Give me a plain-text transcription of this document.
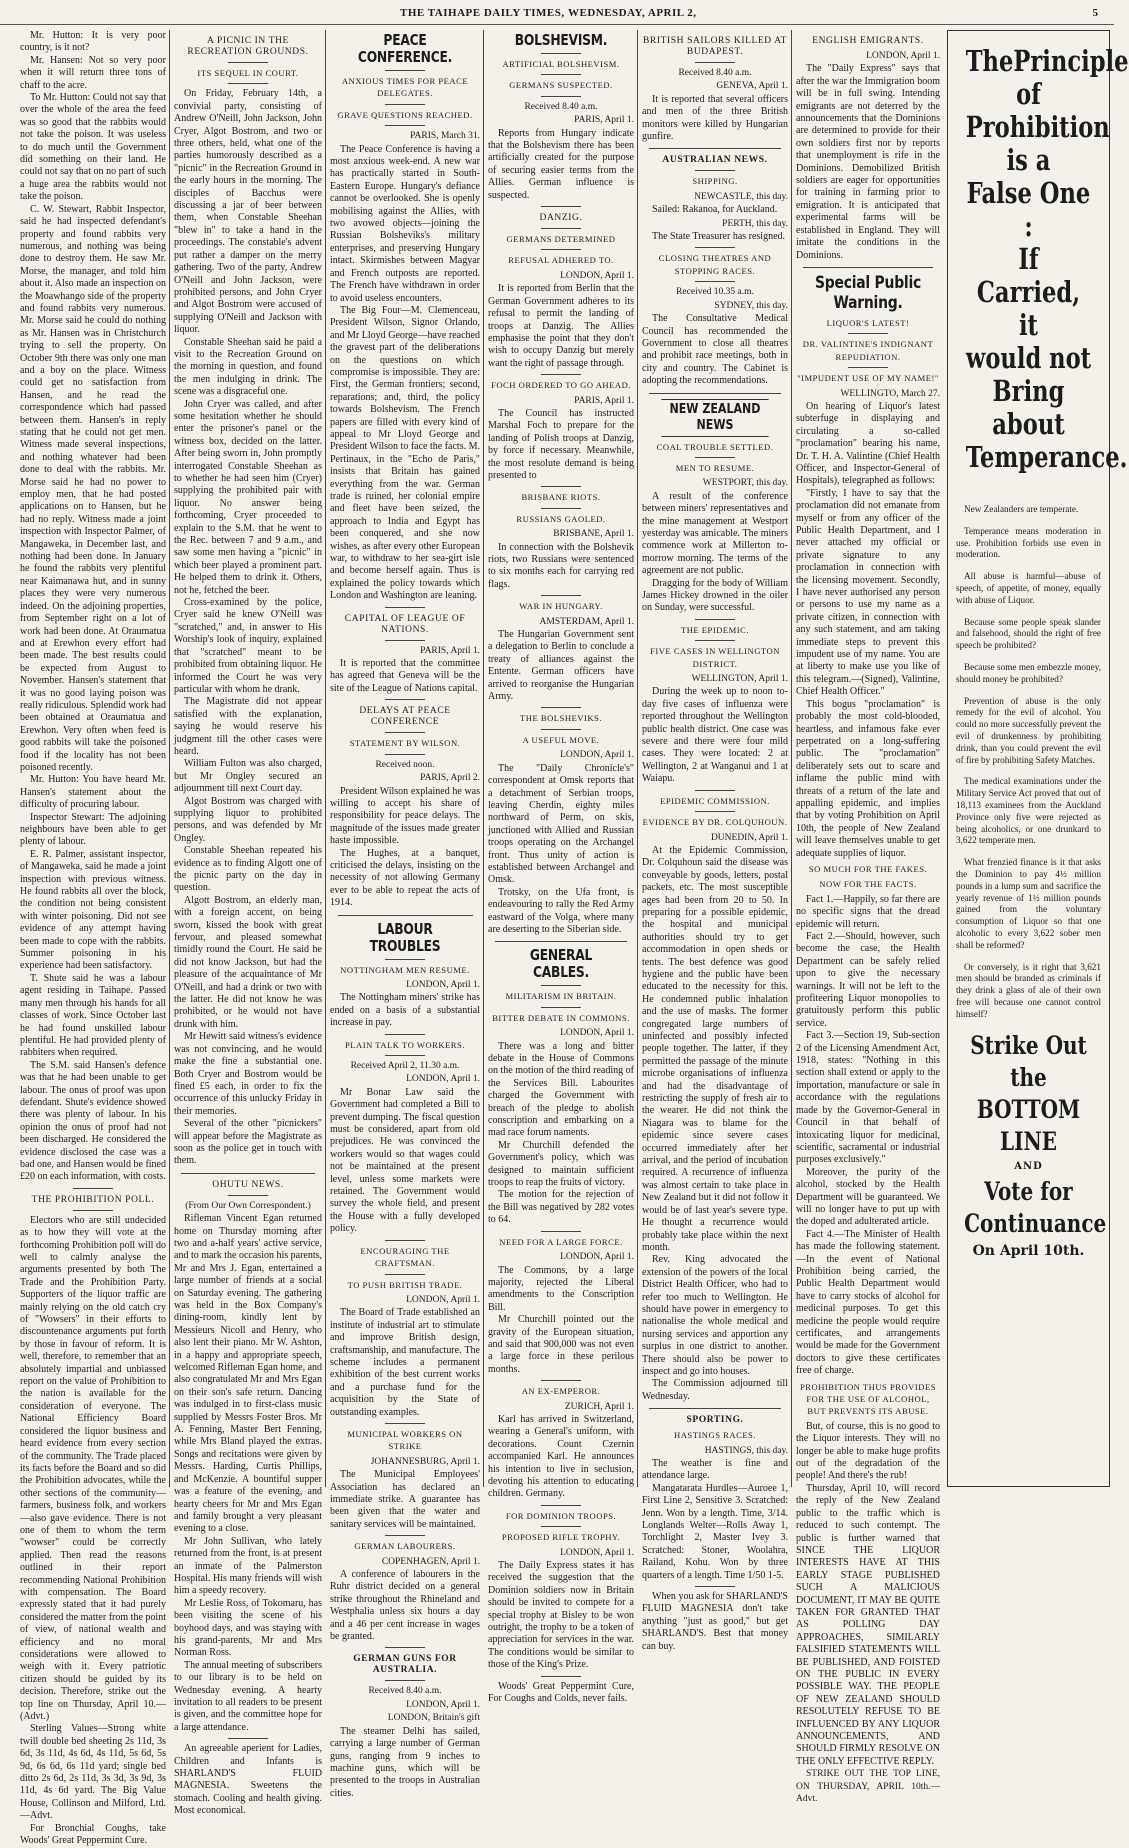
THE TAIHAPE DAILY TIMES, WEDNESDAY, APRIL 2,	5

Mr. Hutton: It is very poor country, is it not?

Mr. Hansen: Not so very poor when it will return three tons of chaff to the acre.

To Mr. Hutton: Could not say that over the whole of the area the feed was so good that the rabbits would not take the poison. It was useless to do much until the Government did something on their land. He could not say that on no part of such a huge area the rabbits would not take the poison.

C. W. Stewart, Rabbit Inspector, said he had inspected defendant's property and found rabbits very numerous, and nothing was being done to destroy them. He saw Mr. Morse, the manager, and told him about it. Also made an inspection on the Moawhango side of the property and found rabbits very numerous. Mr. Morse said he could do nothing as Mr. Hansen was in Christchurch trying to sell the property. On October 9th there was only one man and a boy on the place. Witness could get no satisfaction from Hansen, and he read the correspondence which had passed between them. Hansen's in reply stating that he could not get men. Witness made several inspections, and nothing whatever had been done to deal with the rabbits. Mr. Morse said he had no power to employ men, that he had posted applications on to Hansen, but he had no reply. Witness made a joint inspection with Inspector Palmer, of Mangaweka, in December last, and nothing had been done. In January he found the rabbits very plentiful near Kaimanawa hut, and in sunny places they were very numerous indeed. On the adjoining properties, from September right on a lot of work had been done. At Oraumatua and at Erewhon every effort had been made. The best results could be expected from August to November. Hansen's statement that it was no good laying poison was really ridiculous. Splendid work had been obtained at Oraumatua and Erewhon. Very often when feed is good rabbits will take the poisoned food if the locality has not been poisoned recently.

Mr. Hutton: You have heard Mr. Hansen's statement about the difficulty of procuring labour.

Inspector Stewart: The adjoining neighbours have been able to get plenty of labour.

E. R. Palmer, assistant inspector, of Mangaweka, said he made a joint inspection with previous witness. He found rabbits all over the block, the condition not being consistent with winter poisoning. Did not see evidence of any attempt having been made to cope with the rabbits. Summer poisoning in his experience had been satisfactory.

T. Shute said he was a labour agent residing in Taihape. Passed many men through his hands for all classes of work. Since October last he had found unskilled labour plentiful. He had provided plenty of rabbiters when required.

The S.M. said Hansen's defence was that he had been unable to get labour. The onus of proof was upon defendant. Shute's evidence showed there was plenty of labour. In his opinion the onus of proof had not been discharged. He considered the evidence disclosed the case was a bad one, and Hansen would be fined £20 on each information, with costs.

THE PROHIBITION POLL.

Electors who are still undecided as to how they will vote at the forthcoming Prohibition poll will do well to calmly analyse the arguments presented by both The Trade and the Prohibition Party. Supporters of the liquor traffic are mainly relying on the old catch cry of "Wowsers" in their efforts to discountenance arguments put forth by those in favour of reform. It is well, therefore, to remember that an absolutely impartial and unbiassed report on the value of Prohibition to the nation is available for the consideration of everyone. The National Efficiency Board considered the liquor business and heard evidence from every section of the community. The Trade placed its facts before the Board and so did the Prohibition advocates, while the other sections of the community—farmers, business folk, and workers—also gave evidence. There is not one of them to whom the term "wowser" could be correctly applied. Then read the reasons outlined in their report recommending National Prohibition with compensation. The Board expressly stated that it had purely considered the matter from the point of view, of national wealth and efficiency and no moral considerations were allowed to weigh with it. Every patriotic citizen should be guided by its decision. Therefore, strike out the top line on Thursday, April 10.—(Advt.)

Sterling Values—Strong white twill double bed sheeting 2s 11d, 3s 6d, 3s 11d, 4s 6d, 4s 11d, 5s 6d, 5s 9d, 6s 6d, 6s 11d yard; single bed ditto 2s 6d, 2s 11d, 3s 3d, 3s 9d, 3s 11d, 4s 6d yard. The Big Value House, Collinson and Milford, Ltd.—Advt.

For Bronchial Coughs, take Woods' Great Peppermint Cure.

A PICNIC IN THE RECREATION GROUNDS.
ITS SEQUEL IN COURT.

On Friday, February 14th, a convivial party, consisting of Andrew O'Neill, John Jackson, John Cryer, Algot Bostrom, and two or three others, held, what one of the parties humorously described as a "picnic" in the Recreation Ground in the early hours in the morning. The disciples of Bacchus were discussing a jar of beer between them, when Constable Sheehan "blew in" to take a hand in the proceedings. The constable's advent put rather a damper on the merry gathering. Two of the party, Andrew O'Neill and John Jackson, were prohibited persons, and John Cryer and Algot Bostrom were accused of supplying O'Neill and Jackson with liquor.

Constable Sheehan said he paid a visit to the Recreation Ground on the morning in question, and found the men indulging in drink. The scene was a disgraceful one.

John Cryer was called, and after some hesitation whether he should enter the prisoner's panel or the witness box, decided on the latter. After being sworn in, John promptly interrogated Constable Sheehan as to whether he had seen him (Cryer) supplying the prohibited pair with liquor. No answer being forthcoming, Cryer proceeded to explain to the S.M. that he went to the Rec. between 7 and 9 a.m., and saw some men having a "picnic" in which beer played a prominent part. He helped them to drink it. Others, not he, fetched the beer.

Cross-examined by the police, Cryer said he knew O'Neill was "scratched," and, in answer to His Worship's look of inquiry, explained that "scratched" meant to be prohibited from obtaining liquor. He informed the Court he was very particular with whom he drank.

The Magistrate did not appear satisfied with the explanation, saying he would reserve his judgment till the other cases were heard.

William Fulton was also charged, but Mr Ongley secured an adjournment till next Court day.

Algot Bostrom was charged with supplying liquor to prohibited persons, and was defended by Mr Ongley.

Constable Sheehan repeated his evidence as to finding Algott one of the picnic party on the day in question.

Algott Bostrom, an elderly man, with a foreign accent, on being sworn, kissed the book with great fervour, and pleased somewhat timidly round the Court. He said he did not know Jackson, but had the pleasure of the acquaintance of Mr O'Neill, and had a drink or two with the latter. He did not know he was prohibited, or he would not have drunk with him.

Mr Hewitt said witness's evidence was not convincing, and he would make the fine a substantial one. Both Cryer and Bostrom would be fined £5 each, in order to fix the occurrence of this unlucky Friday in their memories.

Several of the other "picnickers" will appear before the Magistrate as soon as the police get in touch with them.

OHUTU NEWS.
(From Our Own Correspondent.)

Rifleman Vincent Egan returned home on Thursday morning after two and a-half years' active service, and to mark the occasion his parents, Mr and Mrs J. Egan, entertained a large number of friends at a social on Saturday evening. The gathering was held in the Box Company's dining-room, kindly lent by Messieurs Nicoll and Henry, who also lent their piano. Mr W. Ashton, in a happy and appropriate speech, welcomed Rifleman Egan home, and also congratulated Mr and Mrs Egan on their son's safe return. Dancing was indulged in to first-class music supplied by Messrs Foster Bros. Mr A. Fenning, Master Bert Fenning, while Mrs Bland played the extras. Songs and recitations were given by Messrs. Harding, Curtis Phillips, and McKenzie. A bountiful supper was a feature of the evening, and hearty cheers for Mr and Mrs Egan and family brought a very pleasant evening to a close.

Mr John Sullivan, who lately returned from the front, is at present an inmate of the Palmerston Hospital. His many friends will wish him a speedy recovery.

Mr Leslie Ross, of Tokomaru, has been visiting the scene of his boyhood days, and was staying with his grand-parents, Mr and Mrs Norman Ross.

The annual meeting of subscribers to our library is to be held on Wednesday evening. A hearty invitation to all readers to be present is given, and the committee hope for a large attendance.

An agreeable aperient for Ladies, Children and Infants is SHARLAND'S FLUID MAGNESIA. Sweetens the stomach. Cooling and health giving. Most economical.

PEACE CONFERENCE.
ANXIOUS TIMES FOR PEACE DELEGATES.
GRAVE QUESTIONS REACHED.
PARIS, March 31.

The Peace Conference is having a most anxious week-end. A new war has practically started in South-Eastern Europe. Hungary's defiance cannot be overlooked. She is openly mobilising against the Allies, with two avowed objects—joining the Russian Bolsheviks's military enterprises, and preserving Hungary intact. Skirmishes between Magyar and French outposts are reported. The French have withdrawn in order to avoid useless encounters.

The Big Four—M. Clemenceau, President Wilson, Signor Orlando, and Mr Lloyd George—have reached the gravest part of the deliberations on the questions on which compromise is impossible. They are: First, the German frontiers; second, reparations; and, third, the policy towards Bolshevism. The French papers are filled with every kind of appeal to Mr Lloyd George and President Wilson to face the facts. M. Pertinaux, in the "Echo de Paris," insists that Britain has gained everything from the war. German trade is ruined, her colonial empire and fleet have been seized, the approach to India and Egypt has been conquered, and she now wishes, as after every other European war, to withdraw to her sea-girt isle and become herself again. Thus is explained the policy towards which London and Washington are leaning.

CAPITAL OF LEAGUE OF NATIONS.
PARIS, April 1.

It is reported that the committee has agreed that Geneva will be the site of the League of Nations capital.

DELAYS AT PEACE CONFERENCE
STATEMENT BY WILSON.
Received noon.
PARIS, April 2.

President Wilson explained he was willing to accept his share of responsibility for peace delays. The magnitude of the issues made greater haste impossible.

The Hughes, at a banquet, criticised the delays, insisting on the necessity of not allowing Germany ever to be able to repeat the acts of 1914.

LABOUR TROUBLES
NOTTINGHAM MEN RESUME.
LONDON, April 1.

The Nottingham miners' strike has ended on a basis of a substantial increase in pay.

PLAIN TALK TO WORKERS.
Received April 2, 11.30 a.m.
LONDON, April 1.

Mr Bonar Law said the Government had completed a Bill to prevent dumping. The fiscal question must be considered, apart from old prejudices. He was convinced the workers would so that wages could not be maintained at the present level, unless some markets were retained. The Government would survey the whole field, and present the House with a fully developed policy.

ENCOURAGING THE CRAFTSMAN.
TO PUSH BRITISH TRADE.
LONDON, April 1.

The Board of Trade established an institute of industrial art to stimulate and improve British design, craftsmanship, and manufacture. The scheme includes a permanent exhibition of the best current works and a purchase fund for the acquisition by the State of outstanding examples.

MUNICIPAL WORKERS ON STRIKE
JOHANNESBURG, April 1.

The Municipal Employees' Association has declared an immediate strike. A guarantee has been given that the water and sanitary services will be maintained.

GERMAN LABOURERS.
COPENHAGEN, April 1.

A conference of labourers in the Ruhr district decided on a general strike throughout the Rhineland and Westphalia unless six hours a day and a 46 per cent increase in wages be granted.

GERMAN GUNS FOR AUSTRALIA.
Received 8.40 a.m.
LONDON, April 1.
LONDON, Britain's gift

The steamer Delhi has sailed, carrying a large number of German guns, ranging from 9 inches to machine guns, which will be presented to the troops in Australian cities.

BOLSHEVISM.
ARTIFICIAL BOLSHEVISM.
GERMANS SUSPECTED.
Received 8.40 a.m.
PARIS, April 1.

Reports from Hungary indicate that the Bolshevism there has been artificially created for the purpose of securing easier terms from the Allies. German influence is suspected.

DANZIG.
GERMANS DETERMINED
REFUSAL ADHERED TO.
LONDON, April 1.

It is reported from Berlin that the German Government adheres to its refusal to permit the landing of troops at Danzig. The Allies emphasise the point that they don't wish to occupy Danzig but merely want the right of passage through.

FOCH ORDERED TO GO AHEAD.
PARIS, April 1.

The Council has instructed Marshal Foch to prepare for the landing of Polish troops at Danzig, by force if necessary. Meanwhile, the most resolute demand is being presented to

BRISBANE RIOTS.
RUSSIANS GAOLED.
BRISBANE, April 1.

In connection with the Bolshevik riots, two Russians were sentenced to six months each for carrying red flags.

WAR IN HUNGARY.
AMSTERDAM, April 1.

The Hungarian Government sent a delegation to Berlin to conclude a treaty of alliances against the Entente. German officers have arrived to reorganise the Hungarian Army.

THE BOLSHEVIKS.
A USEFUL MOVE.
LONDON, April 1.

The "Daily Chronicle's" correspondent at Omsk reports that a detachment of Serbian troops, leaving Cherdin, eighty miles northward of Perm, on skis, junctioned with Allied and Russian troops operating on the Archangel front. Thus unity of action is established between Archangel and Omsk.

Trotsky, on the Ufa front, is endeavouring to rally the Red Army eastward of the Volga, where many are deserting to the Siberian side.

GENERAL CABLES.
MILITARISM IN BRITAIN.
BITTER DEBATE IN COMMONS.
LONDON, April 1.

There was a long and bitter debate in the House of Commons on the motion of the third reading of the Services Bill. Labourites charged the Government with breach of the pledge to abolish conscription and embarking on a mad race forum naments.

Mr Churchill defended the Government's policy, which was designed to maintain sufficient troops to reap the fruits of victory.

The motion for the rejection of the Bill was negatived by 282 votes to 64.

NEED FOR A LARGE FORCE.
LONDON, April 1.

The Commons, by a large majority, rejected the Liberal amendments to the Conscription Bill.

Mr Churchill pointed out the gravity of the European situation, and said that 900,000 was not even a large force in these perilous months.

AN EX-EMPEROR.
ZURICH, April 1.

Karl has arrived in Switzerland, wearing a General's uniform, with decorations. Count Czernin accompanied Karl. He announces his intention to live in seclusion, devoting his attention to educating children. Germany.

FOR DOMINION TROOPS.
PROPOSED RIFLE TROPHY.
LONDON, April 1.

The Daily Express states it has received the suggestion that the Dominion soldiers now in Britain should be invited to compete for a special trophy at Bisley to be won outright, the trophy to be a token of appreciation for services in the war. The conditions would be similar to those of the King's Prize.

Woods' Great Peppermint Cure, For Coughs and Colds, never fails.

BRITISH SAILORS KILLED AT BUDAPEST.
Received 8.40 a.m.
GENEVA, April 1.

It is reported that several officers and men of the three British monitors were killed by Hungarian gunfire.

AUSTRALIAN NEWS.
SHIPPING.
NEWCASTLE, this day.

Sailed: Rakanoa, for Auckland.

PERTH, this day.

The State Treasurer has resigned.

CLOSING THEATRES AND STOPPING RACES.
Received 10.35 a.m.
SYDNEY, this day.

The Consultative Medical Council has recommended the Government to close all theatres and prohibit race meetings, both in city and country. The Cabinet is adopting the recommendations.

NEW ZEALAND NEWS
COAL TROUBLE SETTLED.
MEN TO RESUME.
WESTPORT, this day.

A result of the conference between miners' representatives and the mine management at Westport yesterday was amicable. The miners commence work at Millerton to-morrow morning. The terms of the agreement are not public.

Dragging for the body of William James Hickey drowned in the oiler on Sunday, were successful.

THE EPIDEMIC.
FIVE CASES IN WELLINGTON DISTRICT.
WELLINGTON, April 1.

During the week up to noon to-day five cases of influenza were reported throughout the Wellington public health district. One case was severe and there were four mild cases. They were located: 2 at Wellington, 2 at Wanganui and 1 at Waiapu.

EPIDEMIC COMMISSION.
EVIDENCE BY DR. COLQUHOUN.
DUNEDIN, April 1.

At the Epidemic Commission, Dr. Colquhoun said the disease was conveyable by goods, letters, postal packets, etc. The most susceptible ages had been from 20 to 50. In preparing for a possible epidemic, the hospital and municipal authorities should try to get accommodation in open sheds or tents. The best defence was good hygiene and the public have been educated to the necessity for this. He condemned public inhalation and the use of masks. The former congregated large numbers of uninfected and possibly infected people together. The latter, if they permitted the passage of the minute microbe organisations of influenza and had the disadvantage of restricting the supply of fresh air to the wearer. He did not think the Niagara was to blame for the epidemic since severe cases occurred immediately after her arrival, and the period of incubation required. A recurrence of influenza was almost certain to take place in New Zealand but it did not follow it would be of last year's severe type. He thought a recurrence would probably take place within the next month.

Rev. King advocated the extension of the powers of the local District Health Officer, who had to refer too much to Wellington. He should have power in emergency to nationalise the whole medical and nursing services and apportion any surplus in one district to another. There should also be power to inspect and go into houses.

The Commission adjourned till Wednesday.

SPORTING.
HASTINGS RACES.
HASTINGS, this day.

The weather is fine and attendance large.

Mangatarata Hurdles—Auroee 1, First Line 2, Sensitive 3. Scratched: Jenn. Won by a length. Time, 3/14. Longlands Welter—Rolls Away 1, Torchlight 2, Master Ivey 3. Scratched: Stoner, Woolahra, Railand, Kohu. Won by three quarters of a length. Time 1/50 1-5.

When you ask for SHARLAND'S FLUID MAGNESIA don't take anything "just as good," but get SHARLAND'S. Best that money can buy.

ENGLISH EMIGRANTS.
LONDON, April 1.

The "Daily Express" says that after the war the Immigration boom will be in full swing. Intending emigrants are not deterred by the announcements that the Dominions are determined to provide for their own soldiers first nor by reports that unemployment is rife in the Dominions. Demobilized British soldiers are eager for opportunities for training in farming prior to emigration. It is anticipated that experimental farms will be established in England. They will imitate the conditions in the Dominions.

Special Public Warning.
LIQUOR'S LATEST!
DR. VALINTINE'S INDIGNANT REPUDIATION.
"IMPUDENT USE OF MY NAME!"
WELLINGTO, March 27.

On hearing of Liquor's latest subterfuge in displaying and circulating a so-called "proclamation" bearing his name, Dr. T. H. A. Valintine (Chief Health Officer, and Inspector-General of Hospitals), telegraphed as follows:

"Firstly, I have to say that the proclamation did not emanate from myself or from any officer of the Public Health Department, and I never attached my official or private signature to any proclamation in connection with the licensing movement. Secondly, I have never authorised any person or persons to use my name as a private citizen, in connection with any such statement, and am taking immediate steps to prevent this impudent use of my name. You are at liberty to make use you like of this telegram.—(Signed), Valintine, Chief Health Officer."

This bogus "proclamation" is probably the most cold-blooded, heartless, and infamous fake ever perpetrated on a long-suffering public. The "proclamation" deliberately sets out to scare and inflame the public mind with threats of a return of the late and appalling epidemic, and implies that by voting Prohibition on April 10th, the people of New Zealand will leave themselves unable to get adequate supplies of liquor.

SO MUCH FOR THE FAKES.
NOW FOR THE FACTS.

Fact 1.—Happily, so far there are no specific signs that the dread epidemic will return.

Fact 2.—Should, however, such become the case, the Health Department can be safely relied upon to give the necessary warnings. It will not be left to the profiteering Liquor monopolies to gratuitously perform this public service.

Fact 3.—Section 19, Sub-section 2 of the Licensing Amendment Act, 1918, states: "Nothing in this section shall extend or apply to the importation, manufacture or sale in accordance with the regulations made by the Governor-General in Council in that behalf of intoxicating liquor for medicinal, scientific, sacramental or industrial purposes exclusively."

Moreover, the purity of the alcohol, stocked by the Health Department will be guaranteed. We will no longer have to put up with the doped and adulterated article.

Fact 4.—The Minister of Health has made the following statement.—In the event of National Prohibition being carried, the Public Health Department would have to carry stocks of alcohol for medicinal purposes. To get this medicine the people would require certificates, and arrangements would be made for the Government doctors to give these certificates free of charge.

PROHIBITION THUS PROVIDES FOR THE USE OF ALCOHOL, BUT PREVENTS ITS ABUSE.

But, of course, this is no good to the Liquor interests. They will no longer be able to make huge profits out of the degradation of the people! And there's the rub!

Thursday, April 10, will record the reply of the New Zealand public to the traffic which is reduced to such contempt. The public is further warned that SINCE THE LIQUOR INTERESTS HAVE AT THIS EARLY STAGE PUBLISHED SUCH A MALICIOUS DOCUMENT, IT MAY BE QUITE TAKEN FOR GRANTED THAT AS POLLING DAY APPROACHES, SIMILARLY FALSIFIED STATEMENTS WILL BE PUBLISHED, AND FOISTED ON THE PUBLIC IN EVERY POSSIBLE WAY. THE PEOPLE OF NEW ZEALAND SHOULD RESOLUTELY REFUSE TO BE INFLUENCED BY ANY LIQUOR ANNOUNCEMENTS, AND SHOULD FIRMLY RESOLVE ON THE ONLY EFFECTIVE REPLY.

STRIKE OUT THE TOP LINE, ON THURSDAY, APRIL 10th.—Advt.

ThePrinciple
of
Prohibition
is a
False One :
If Carried, it
would not
Bring about
Temperance.

New Zealanders are temperate.

Temperance means moderation in use. Prohibition forbids use even in moderation.

All abuse is harmful—abuse of speech, of appetite, of money, equally with abuse of Liquor.

Because some people speak slander and falsehood, should the right of free speech be prohibited?

Because some men embezzle money, should money be prohibited?

Prevention of abuse is the only remedy for the evil of alcohol. You could no more successfully prevent the evil of drunkenness by prohibiting drink, than you could prevent the evil of fire by prohibiting Safety Matches.

The medical examinations under the Military Service Act proved that out of 18,113 examinees from the Auckland Province only five were rejected as being alcoholics, or one drunkard to 3,622 temperate men.

What frenzied finance is it that asks the Dominion to pay 4½ million pounds in a lump sum and sacrifice the yearly revenue of 1½ million pounds gained from the voluntary consumption of Liquor so that one alcoholic to every 3,622 sober men shall be reformed?

Or conversely, is it right that 3,621 men should be branded as criminals if they drink a glass of ale of their own free will because one cannot control himself?

Strike Out the
BOTTOM
LINE
AND
Vote for
Continuance
On April 10th.
